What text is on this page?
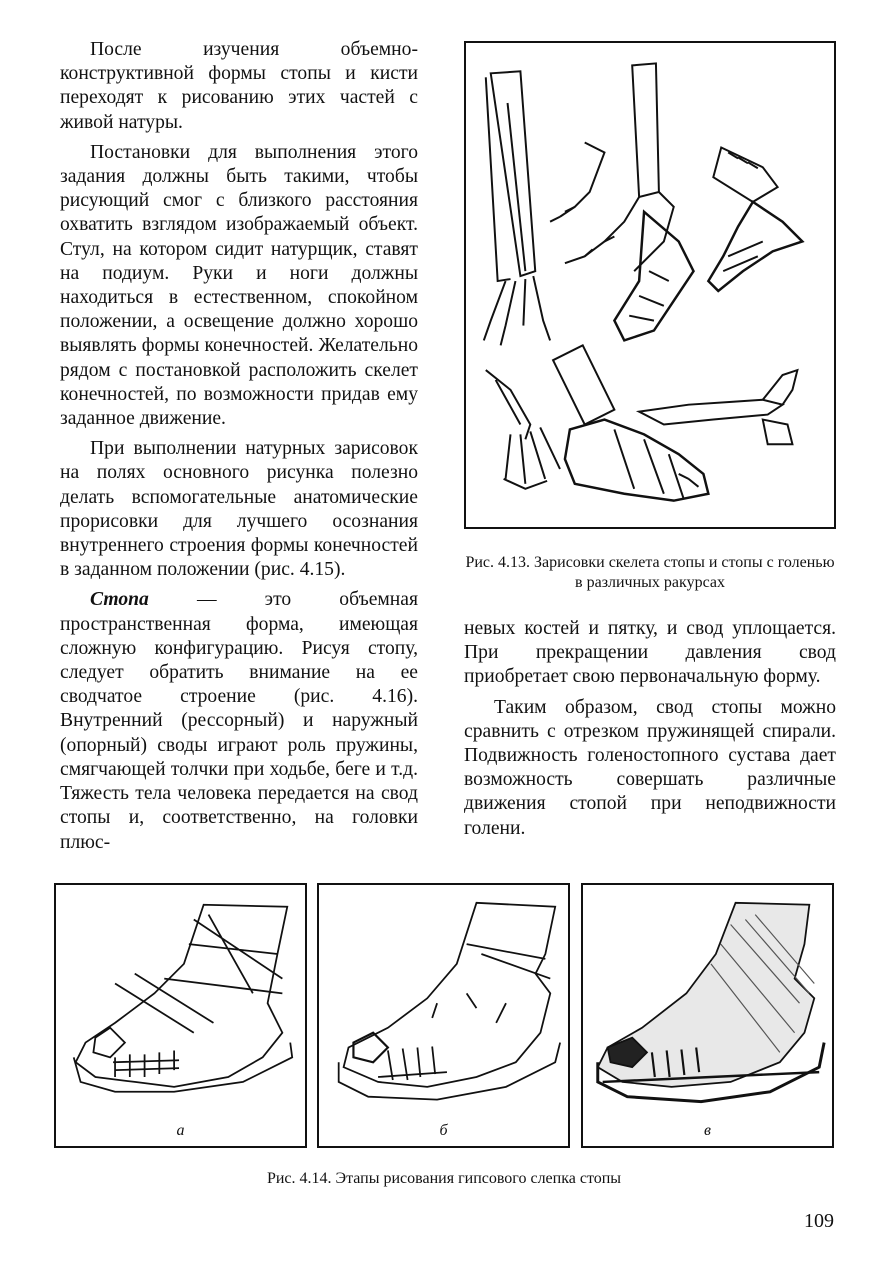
После изучения объемно-конструктивной формы стопы и кисти переходят к рисованию этих частей с живой натуры.

Постановки для выполнения этого задания должны быть такими, чтобы рисующий смог с близкого расстояния охватить взглядом изображаемый объект. Стул, на котором сидит натурщик, ставят на подиум. Руки и ноги должны находиться в естественном, спокойном положении, а освещение должно хорошо выявлять формы конечностей. Желательно рядом с постановкой расположить скелет конечностей, по возможности придав ему заданное движение.

При выполнении натурных зарисовок на полях основного рисунка полезно делать вспомогательные анатомические прорисовки для лучшего осознания внутреннего строения формы конечностей в заданном положении (рис. 4.15).

Стопа — это объемная пространственная форма, имеющая сложную конфигурацию. Рисуя стопу, следует обратить внимание на ее сводчатое строение (рис. 4.16). Внутренний (рессорный) и наружный (опорный) своды играют роль пружины, смягчающей толчки при ходьбе, беге и т.д. Тяжесть тела человека передается на свод стопы и, соответственно, на головки плюс-

Рис. 4.13. Зарисовки скелета стопы и стопы с голенью в различных ракурсах

невых костей и пятку, и свод уплощается. При прекращении давления свод приобретает свою первоначальную форму.

Таким образом, свод стопы можно сравнить с отрезком пружинящей спирали. Подвижность голеностопного сустава дает возможность совершать различные движения стопой при неподвижности голени.

а	б	в
Рис. 4.14. Этапы рисования гипсового слепка стопы
109
